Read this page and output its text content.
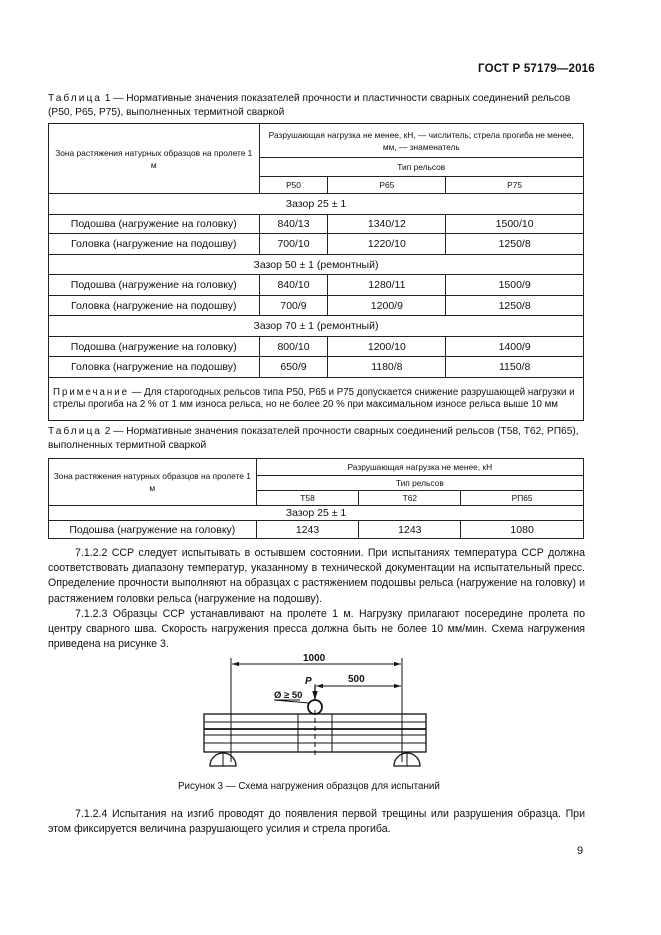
ГОСТ Р 57179—2016
Таблица 1 — Нормативные значения показателей прочности и пластичности сварных соединений рельсов (Р50, Р65, Р75), выполненных термитной сваркой
Зона растяжения натурных образцов на пролете 1 м	Разрушающая нагрузка не менее, кН, — числитель; стрела прогиба не менее, мм, — знаменатель		
	Тип рельсов		
	Р50	Р65	Р75
Зазор 25 ± 1			
Подошва (нагружение на головку)	840/13	1340/12	1500/10
Головка (нагружение на подошву)	700/10	1220/10	1250/8
Зазор 50 ± 1 (ремонтный)			
Подошва (нагружение на головку)	840/10	1280/11	1500/9
Головка (нагружение на подошву)	700/9	1200/9	1250/8
Зазор 70 ± 1 (ремонтный)			
Подошва (нагружение на головку)	800/10	1200/10	1400/9
Головка (нагружение на подошву)	650/9	1180/8	1150/8
Примечание — Для старогодных рельсов типа Р50, Р65 и Р75 допускается снижение разрушающей нагрузки и стрелы прогиба на 2 % от 1 мм износа рельса, но не более 20 % при максимальном износе рельса выше 10 мм			
Таблица 2 — Нормативные значения показателей прочности сварных соединений рельсов (Т58, Т62, РП65), выполненных термитной сваркой
Зона растяжения натурных образцов на пролете 1 м	Разрушающая нагрузка не менее, кН		
	Тип рельсов		
	Т58	Т62	РП65
Зазор 25 ± 1			
Подошва (нагружение на головку)	1243	1243	1080

7.1.2.2 ССР следует испытывать в остывшем состоянии. При испытаниях температура ССР должна соответствовать диапазону температур, указанному в технической документации на испытательный пресс. Определение прочности выполняют на образцах с растяжением подошвы рельса (нагружение на головку) и растяжением головки рельса (нагружение на подошву).

7.1.2.3 Образцы ССР устанавливают на пролете 1 м. Нагрузку прилагают посередине пролета по центру сварного шва. Скорость нагружения пресса должна быть не более 10 мм/мин. Схема нагружения приведена на рисунке 3.

1000
500
P
Ø ≥ 50
Рисунок 3 — Схема нагружения образцов для испытаний

7.1.2.4 Испытания на изгиб проводят до появления первой трещины или разрушения образца. При этом фиксируется величина разрушающего усилия и стрела прогиба.

9
